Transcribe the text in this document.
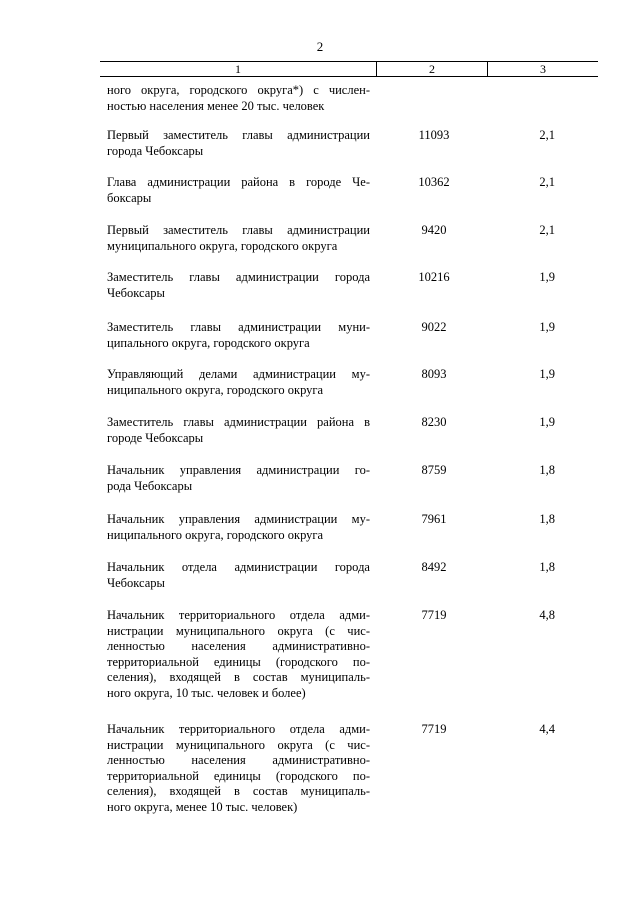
2
1	2	3
ного округа, городского округа*) с числен-
ностью населения менее 20 тыс. человек
Первый заместитель главы администрации
города Чебоксары
11093	2,1
Глава администрации района в городе Че-
боксары
10362	2,1
Первый заместитель главы администрации
муниципального округа, городского округа
9420	2,1
Заместитель главы администрации города
Чебоксары
10216	1,9
Заместитель главы администрации муни-
ципального округа, городского округа
9022	1,9
Управляющий делами администрации му-
ниципального округа, городского округа
8093	1,9
Заместитель главы администрации района в
городе Чебоксары
8230	1,9
Начальник управления администрации го-
рода Чебоксары
8759	1,8
Начальник управления администрации му-
ниципального округа, городского округа
7961	1,8
Начальник отдела администрации города
Чебоксары
8492	1,8
Начальник территориального отдела адми-
нистрации муниципального округа (с чис-
ленностью населения административно-
территориальной единицы (городского по-
селения), входящей в состав муниципаль-
ного округа, 10 тыс. человек и более)
7719	4,8
Начальник территориального отдела адми-
нистрации муниципального округа (с чис-
ленностью населения административно-
территориальной единицы (городского по-
селения), входящей в состав муниципаль-
ного округа, менее 10 тыс. человек)
7719	4,4
